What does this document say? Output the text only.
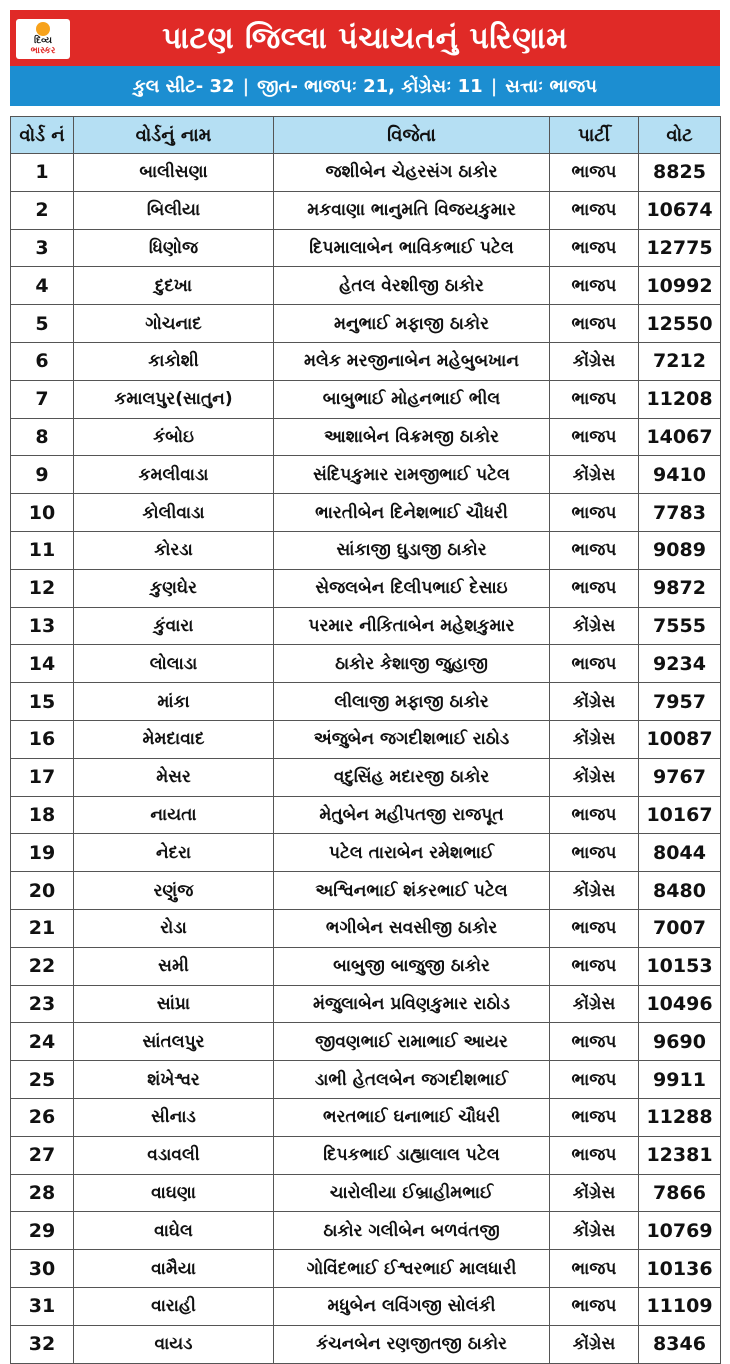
દિવ્ય
ભાસ્કર	પાટણ જિલ્લા પંચાયતનું પરિણામ
કુલ સીટ- 32 | જીત- ભાજપઃ 21, કોંગ્રેસઃ 11 | સત્તાઃ ભાજપ
વોર્ડ નં	વોર્ડનું નામ	વિજેતા	પાર્ટી	વોટ
1	બાલીસણા	જશીબેન ચેહરસંગ ઠાકોર	ભાજપ	8825
2	બિલીયા	મકવાણા ભાનુમતિ વિજયકુમાર	ભાજપ	10674
3	ધિણોજ	દિપમાલાબેન ભાવિકભાઈ પટેલ	ભાજપ	12775
4	દુદખા	હેતલ વેરશીજી ઠાકોર	ભાજપ	10992
5	ગોચનાદ	મનુભાઈ મફાજી ઠાકોર	ભાજપ	12550
6	કાકોશી	મલેક મરજીનાબેન મહેબુબખાન	કોંગ્રેસ	7212
7	કમાલપુર(સાતુન)	બાબુભાઈ મોહનભાઈ ભીલ	ભાજપ	11208
8	કંબોઇ	આશાબેન વિક્રમજી ઠાકોર	ભાજપ	14067
9	કમલીવાડા	સંદિપકુમાર રામજીભાઈ પટેલ	કોંગ્રેસ	9410
10	કોલીવાડા	ભારતીબેન દિનેશભાઈ ચૌધરી	ભાજપ	7783
11	કોરડા	સાંકાજી ઘુડાજી ઠાકોર	ભાજપ	9089
12	કુણઘેર	સેજલબેન દિલીપભાઈ દેસાઇ	ભાજપ	9872
13	કુંવારા	પરમાર નીકિતાબેન મહેશકુમાર	કોંગ્રેસ	7555
14	લોલાડા	ઠાકોર કેશાજી જુહાજી	ભાજપ	9234
15	માંકા	લીલાજી મફાજી ઠાકોર	કોંગ્રેસ	7957
16	મેમદાવાદ	અંજુબેન જગદીશભાઈ રાઠોડ	કોંગ્રેસ	10087
17	મેસર	વદુસિંહ મદારજી ઠાકોર	કોંગ્રેસ	9767
18	નાયતા	મેતુબેન મહીપતજી રાજપૂત	ભાજપ	10167
19	નેદરા	પટેલ તારાબેન રમેશભાઈ	ભાજપ	8044
20	રણુંજ	અશ્વિનભાઈ શંકરભાઈ પટેલ	કોંગ્રેસ	8480
21	રોડા	ભગીબેન સવસીજી ઠાકોર	ભાજપ	7007
22	સમી	બાબુજી બાજુજી ઠાકોર	ભાજપ	10153
23	સાંપ્રા	મંજુલાબેન પ્રવિણકુમાર રાઠોડ	કોંગ્રેસ	10496
24	સાંતલપુર	જીવણભાઈ રામાભાઈ આયર	ભાજપ	9690
25	શંખેશ્વર	ડાભી હેતલબેન જગદીશભાઈ	ભાજપ	9911
26	સીનાડ	ભરતભાઈ ઘનાભાઈ ચૌધરી	ભાજપ	11288
27	વડાવલી	દિપકભાઈ ડાહ્યાલાલ પટેલ	ભાજપ	12381
28	વાઘણા	ચારોલીયા ઈબ્રાહીમભાઈ	કોંગ્રેસ	7866
29	વાઘેલ	ઠાકોર ગલીબેન બળવંતજી	કોંગ્રેસ	10769
30	વામૈયા	ગોવિંદભાઈ ઈશ્વરભાઈ માલધારી	ભાજપ	10136
31	વારાહી	મધુબેન લવિંગજી સોલંકી	ભાજપ	11109
32	વાયડ	કંચનબેન રણજીતજી ઠાકોર	કોંગ્રેસ	8346
